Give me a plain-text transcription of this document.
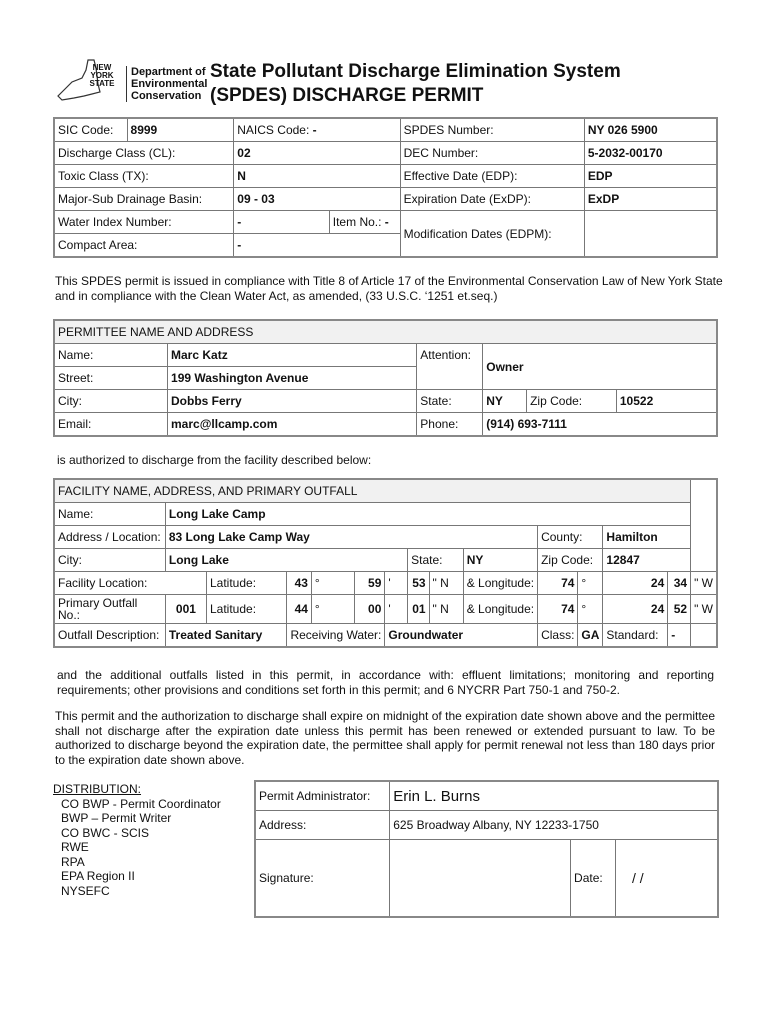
NEW
YORK
STATE
Department of
Environmental
Conservation
State Pollutant Discharge Elimination System
(SPDES) DISCHARGE PERMIT
SIC Code:	8999	NAICS Code: -		SPDES Number:	NY 026 5900
Discharge Class (CL):		02		DEC Number:	5-2032-00170
Toxic Class (TX):		N		Effective Date (EDP):	EDP
Major-Sub Drainage Basin:		09 - 03		Expiration Date (ExDP):	ExDP
Water Index Number:		-	Item No.: -	Modification Dates (EDPM):	
Compact Area:		-			
This SPDES permit is issued in compliance with Title 8 of Article 17 of the Environmental Conservation Law of New York State and in compliance with the Clean Water Act, as amended, (33 U.S.C. ‘1251 et.seq.)
PERMITTEE NAME AND ADDRESS					
Name:	Marc Katz	Attention:	Owner		
Street:	199 Washington Avenue				
City:	Dobbs Ferry	State:	NY	Zip Code:	10522
Email:	marc@llcamp.com	Phone:	(914) 693-7111		
is authorized to discharge from the facility described below:
FACILITY NAME, ADDRESS, AND PRIMARY OUTFALL														
Name:	Long Lake Camp													
Address / Location:	83 Long Lake Camp Way									County:		Hamilton		
City:	Long Lake						State:		NY	Zip Code:		12847		
Facility Location:		Latitude:	43	°	59	'	53	" N	& Longitude:	74	°	24	34	" W
Primary Outfall No.:	001	Latitude:	44	°	00	'	01	" N	& Longitude:	74	°	24	52	" W
Outfall Description:	Treated Sanitary		Receiving Water:			Groundwater				Class:	GA	Standard:	-	
and the additional outfalls listed in this permit, in accordance with: effluent limitations; monitoring and reporting requirements; other provisions and conditions set forth in this permit; and 6 NYCRR Part 750-1 and 750-2.
This permit and the authorization to discharge shall expire on midnight of the expiration date shown above and the permittee shall not discharge after the expiration date unless this permit has been renewed or extended pursuant to law. To be authorized to discharge beyond the expiration date, the permittee shall apply for permit renewal not less than 180 days prior to the expiration date shown above.
DISTRIBUTION:
CO BWP - Permit Coordinator
BWP – Permit Writer
CO BWC - SCIS
RWE
RPA
EPA Region II
NYSEFC
Permit Administrator:	Erin L. Burns		
Address:	625 Broadway Albany, NY 12233-1750		
Signature:		Date:	/ /
